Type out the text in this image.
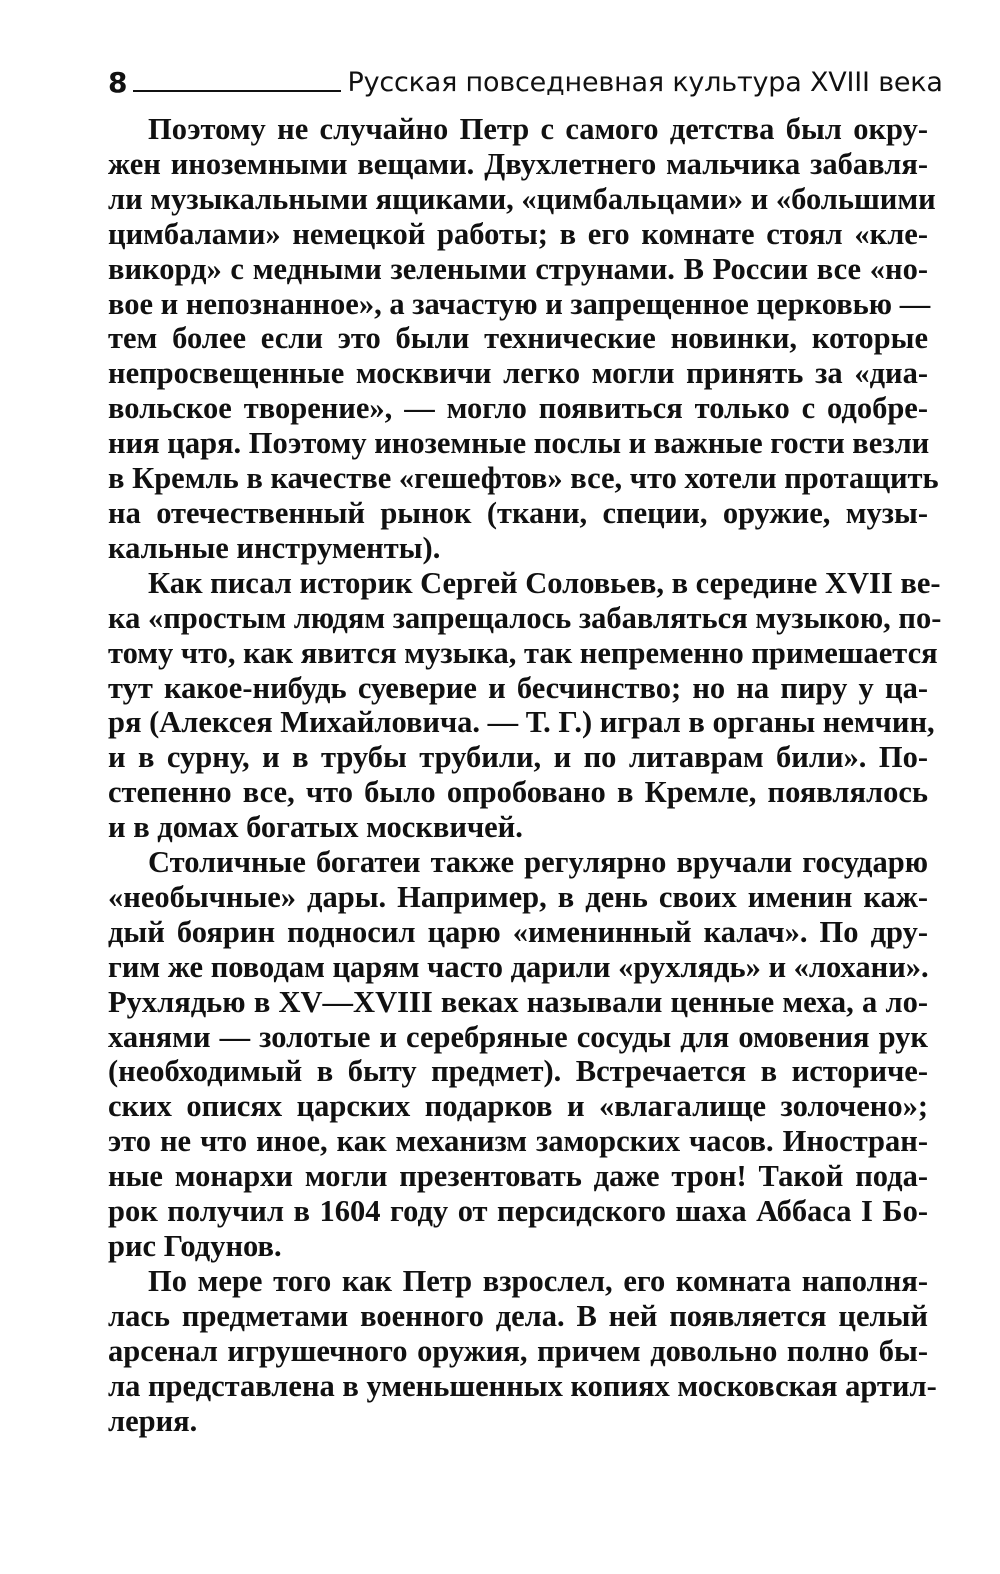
8	Русская повседневная культура XVIII века
Поэтому не случайно Петр с самого детства был окру-
жен иноземными вещами. Двухлетнего мальчика забавля-
ли музыкальными ящиками, «цимбальцами» и «большими
цимбалами» немецкой работы; в его комнате стоял «кле-
викорд» с медными зелеными струнами. В России все «но-
вое и непознанное», а зачастую и запрещенное церковью —
тем более если это были технические новинки, которые
непросвещенные москвичи легко могли принять за «диа-
вольское творение», — могло появиться только с одобре-
ния царя. Поэтому иноземные послы и важные гости везли
в Кремль в качестве «гешефтов» все, что хотели протащить
на отечественный рынок (ткани, специи, оружие, музы-
кальные инструменты).
Как писал историк Сергей Соловьев, в середине XVII ве-
ка «простым людям запрещалось забавляться музыкою, по-
тому что, как явится музыка, так непременно примешается
тут какое-нибудь суеверие и бесчинство; но на пиру у ца-
ря (Алексея Михайловича. — Т. Г.) играл в органы немчин,
и в сурну, и в трубы трубили, и по литаврам били». По-
степенно все, что было опробовано в Кремле, появлялось
и в домах богатых москвичей.
Столичные богатеи также регулярно вручали государю
«необычные» дары. Например, в день своих именин каж-
дый боярин подносил царю «именинный калач». По дру-
гим же поводам царям часто дарили «рухлядь» и «лохани».
Рухлядью в XV—XVIII веках называли ценные меха, а ло-
ханями — золотые и серебряные сосуды для омовения рук
(необходимый в быту предмет). Встречается в историче-
ских описях царских подарков и «влагалище золочено»;
это не что иное, как механизм заморских часов. Иностран-
ные монархи могли презентовать даже трон! Такой пода-
рок получил в 1604 году от персидского шаха Аббаса I Бо-
рис Годунов.
По мере того как Петр взрослел, его комната наполня-
лась предметами военного дела. В ней появляется целый
арсенал игрушечного оружия, причем довольно полно бы-
ла представлена в уменьшенных копиях московская артил-
лерия.
